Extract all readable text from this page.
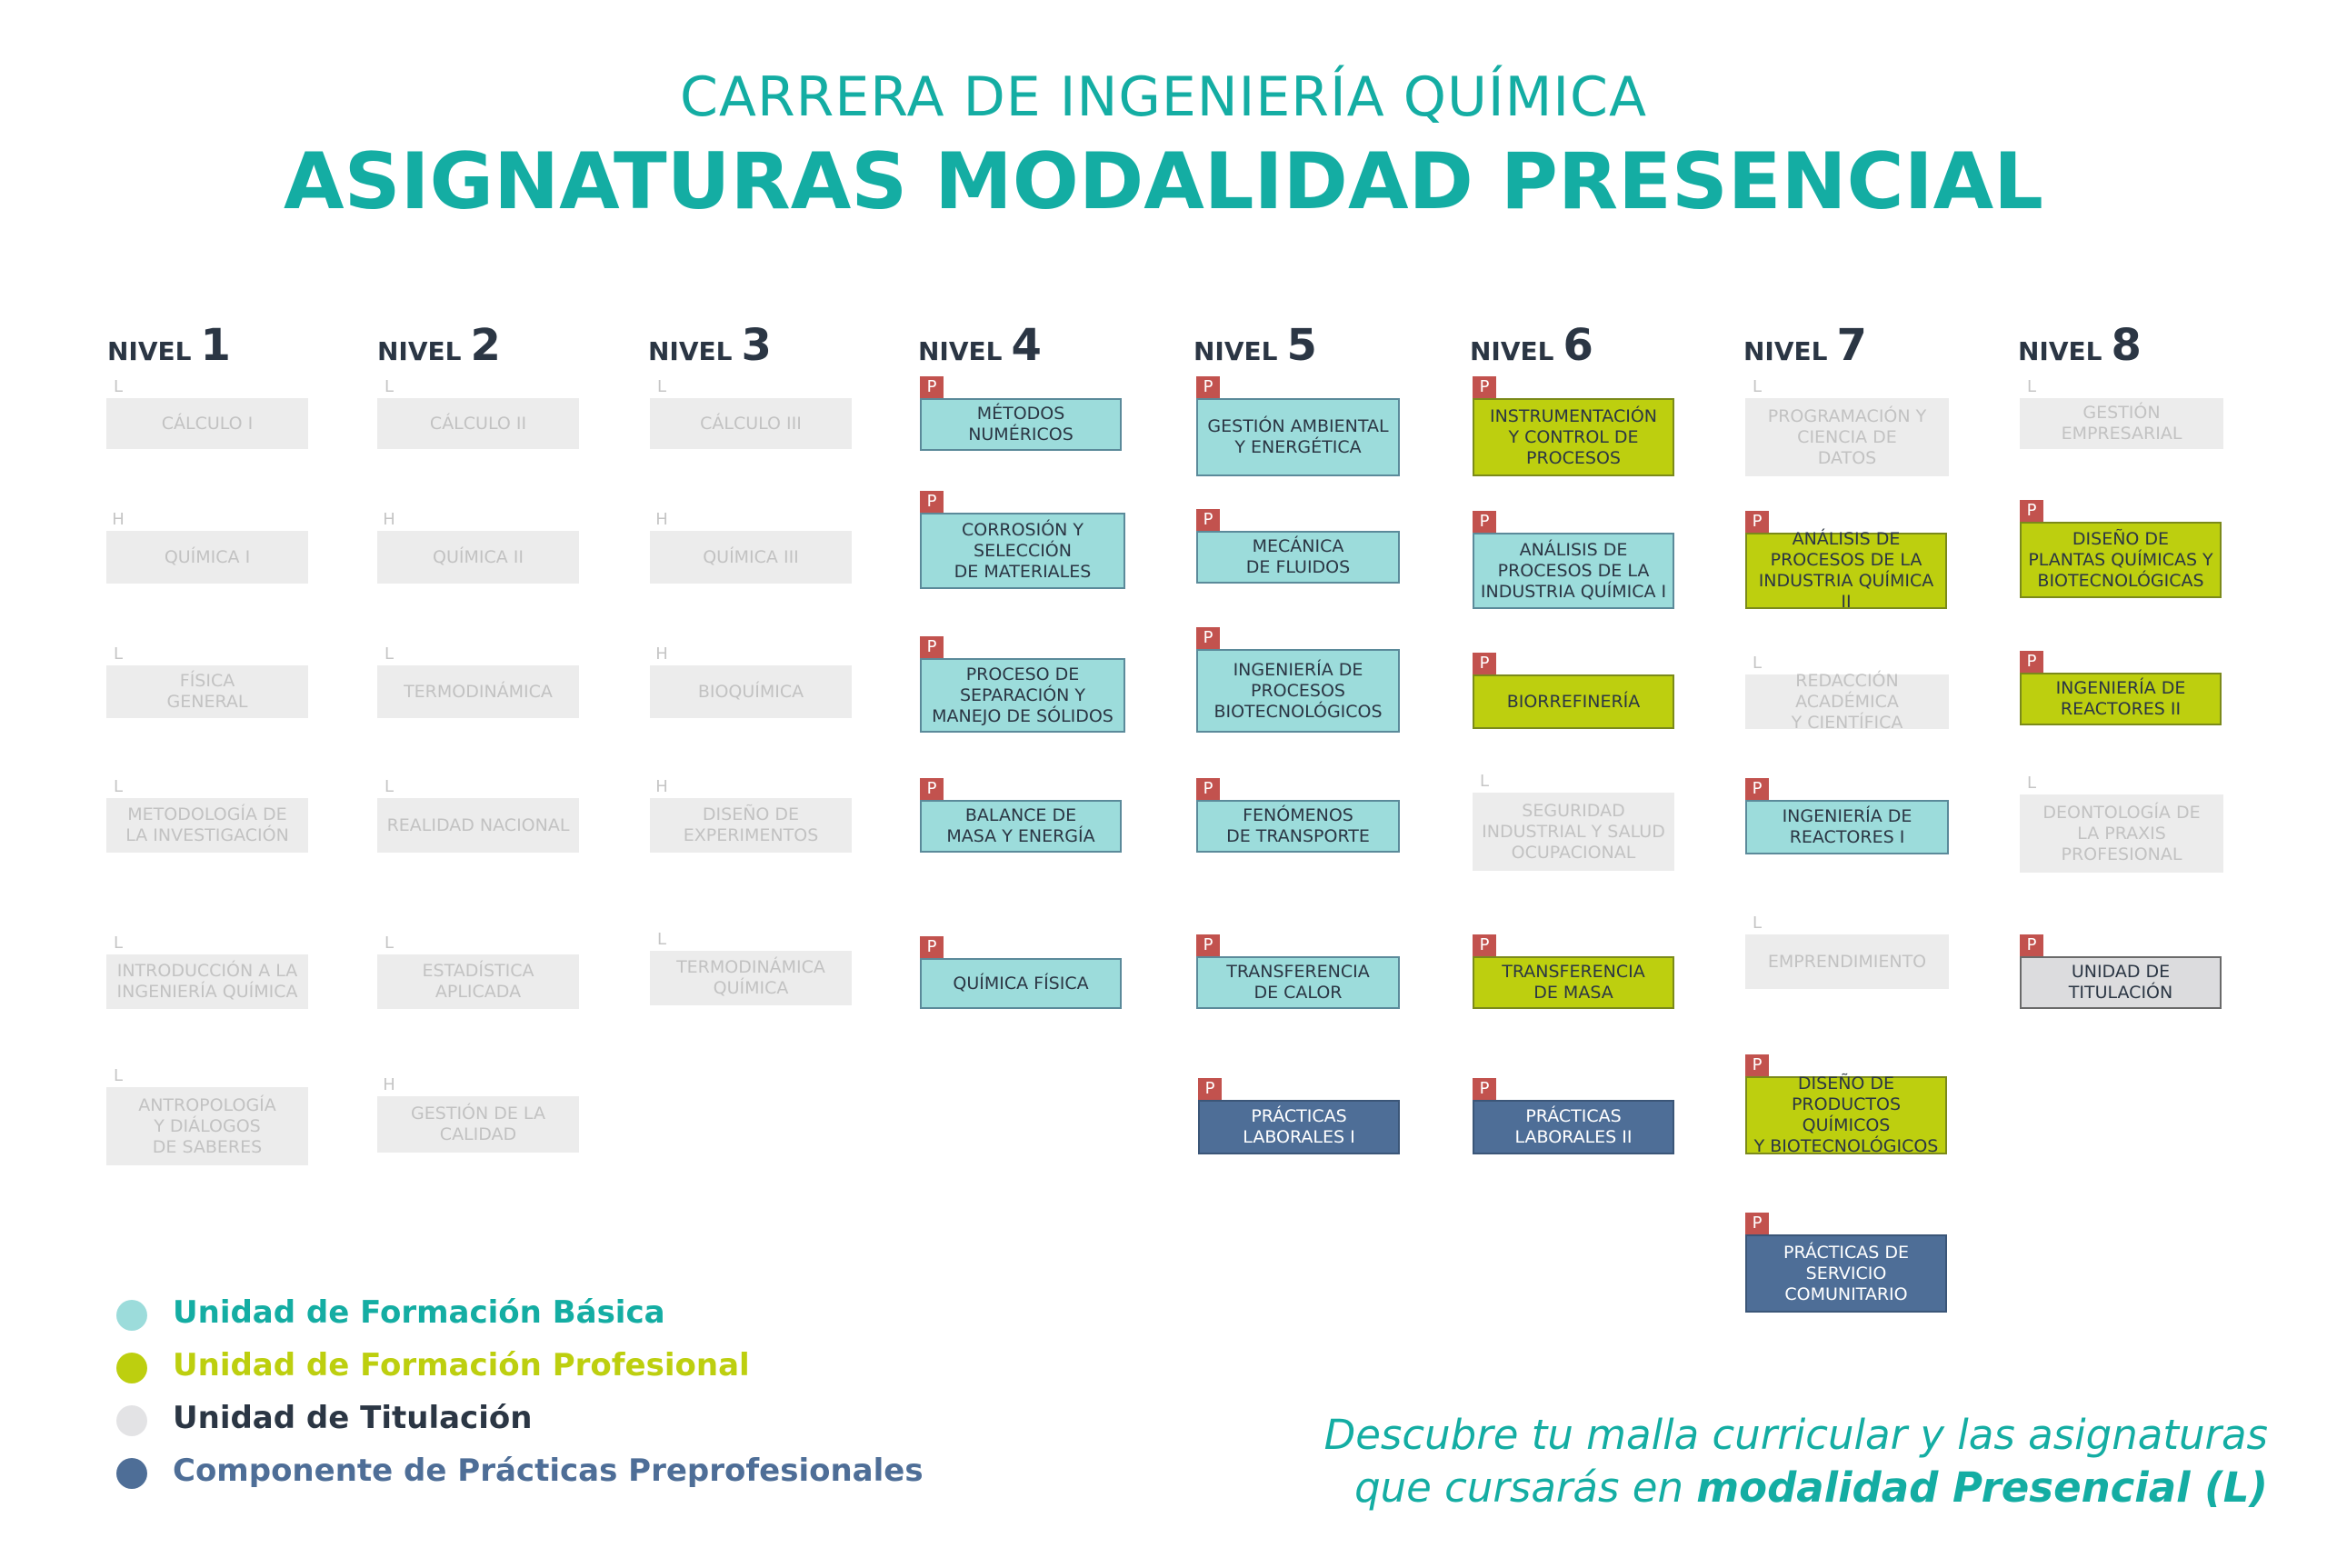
CARRERA DE INGENIERÍA QUÍMICA
ASIGNATURAS MODALIDAD PRESENCIAL
NIVEL 1	NIVEL 2	NIVEL 3	NIVEL 4	NIVEL 5	NIVEL 6	NIVEL 7	NIVEL 8
L
CÁLCULO I
H
QUÍMICA I
L
FÍSICA
GENERAL
L
METODOLOGÍA DE
LA INVESTIGACIÓN
L
INTRODUCCIÓN A LA
INGENIERÍA QUÍMICA
L
ANTROPOLOGÍA
Y DIÁLOGOS
DE SABERES
L
CÁLCULO II
H
QUÍMICA II
L
TERMODINÁMICA
L
REALIDAD NACIONAL
L
ESTADÍSTICA
APLICADA
H
GESTIÓN DE LA
CALIDAD
L
CÁLCULO III
H
QUÍMICA III
H
BIOQUÍMICA
H
DISEÑO DE
EXPERIMENTOS
L
TERMODINÁMICA
QUÍMICA
P
MÉTODOS
NUMÉRICOS
P
CORROSIÓN Y
SELECCIÓN
DE MATERIALES
P
PROCESO DE
SEPARACIÓN Y
MANEJO DE SÓLIDOS
P
BALANCE DE
MASA Y ENERGÍA
P
QUÍMICA FÍSICA
P
GESTIÓN AMBIENTAL
Y ENERGÉTICA
P
MECÁNICA
DE FLUIDOS
P
INGENIERÍA DE
PROCESOS
BIOTECNOLÓGICOS
P
FENÓMENOS
DE TRANSPORTE
P
TRANSFERENCIA
DE CALOR
P
PRÁCTICAS
LABORALES I
P
INSTRUMENTACIÓN
Y CONTROL DE
PROCESOS
P
ANÁLISIS DE
PROCESOS DE LA
INDUSTRIA QUÍMICA I
P
BIORREFINERÍA
L
SEGURIDAD
INDUSTRIAL Y SALUD
OCUPACIONAL
P
TRANSFERENCIA
DE MASA
P
PRÁCTICAS
LABORALES II
L
PROGRAMACIÓN Y
CIENCIA DE
DATOS
P
ANÁLISIS DE
PROCESOS DE LA
INDUSTRIA QUÍMICA II
L
REDACCIÓN ACADÉMICA
Y CIENTÍFICA
P
INGENIERÍA DE
REACTORES I
L
EMPRENDIMIENTO
P
DISEÑO DE
PRODUCTOS QUÍMICOS
Y BIOTECNOLÓGICOS
P
PRÁCTICAS DE
SERVICIO
COMUNITARIO
L
GESTIÓN
EMPRESARIAL
P
DISEÑO DE
PLANTAS QUÍMICAS Y
BIOTECNOLÓGICAS
P
INGENIERÍA DE
REACTORES II
L
DEONTOLOGÍA DE
LA PRAXIS
PROFESIONAL
P
UNIDAD DE
TITULACIÓN
Unidad de Formación Básica
Unidad de Formación Profesional
Unidad de Titulación
Componente de Prácticas Preprofesionales
Descubre tu malla curricular y las asignaturas
que cursarás en modalidad Presencial (L)
